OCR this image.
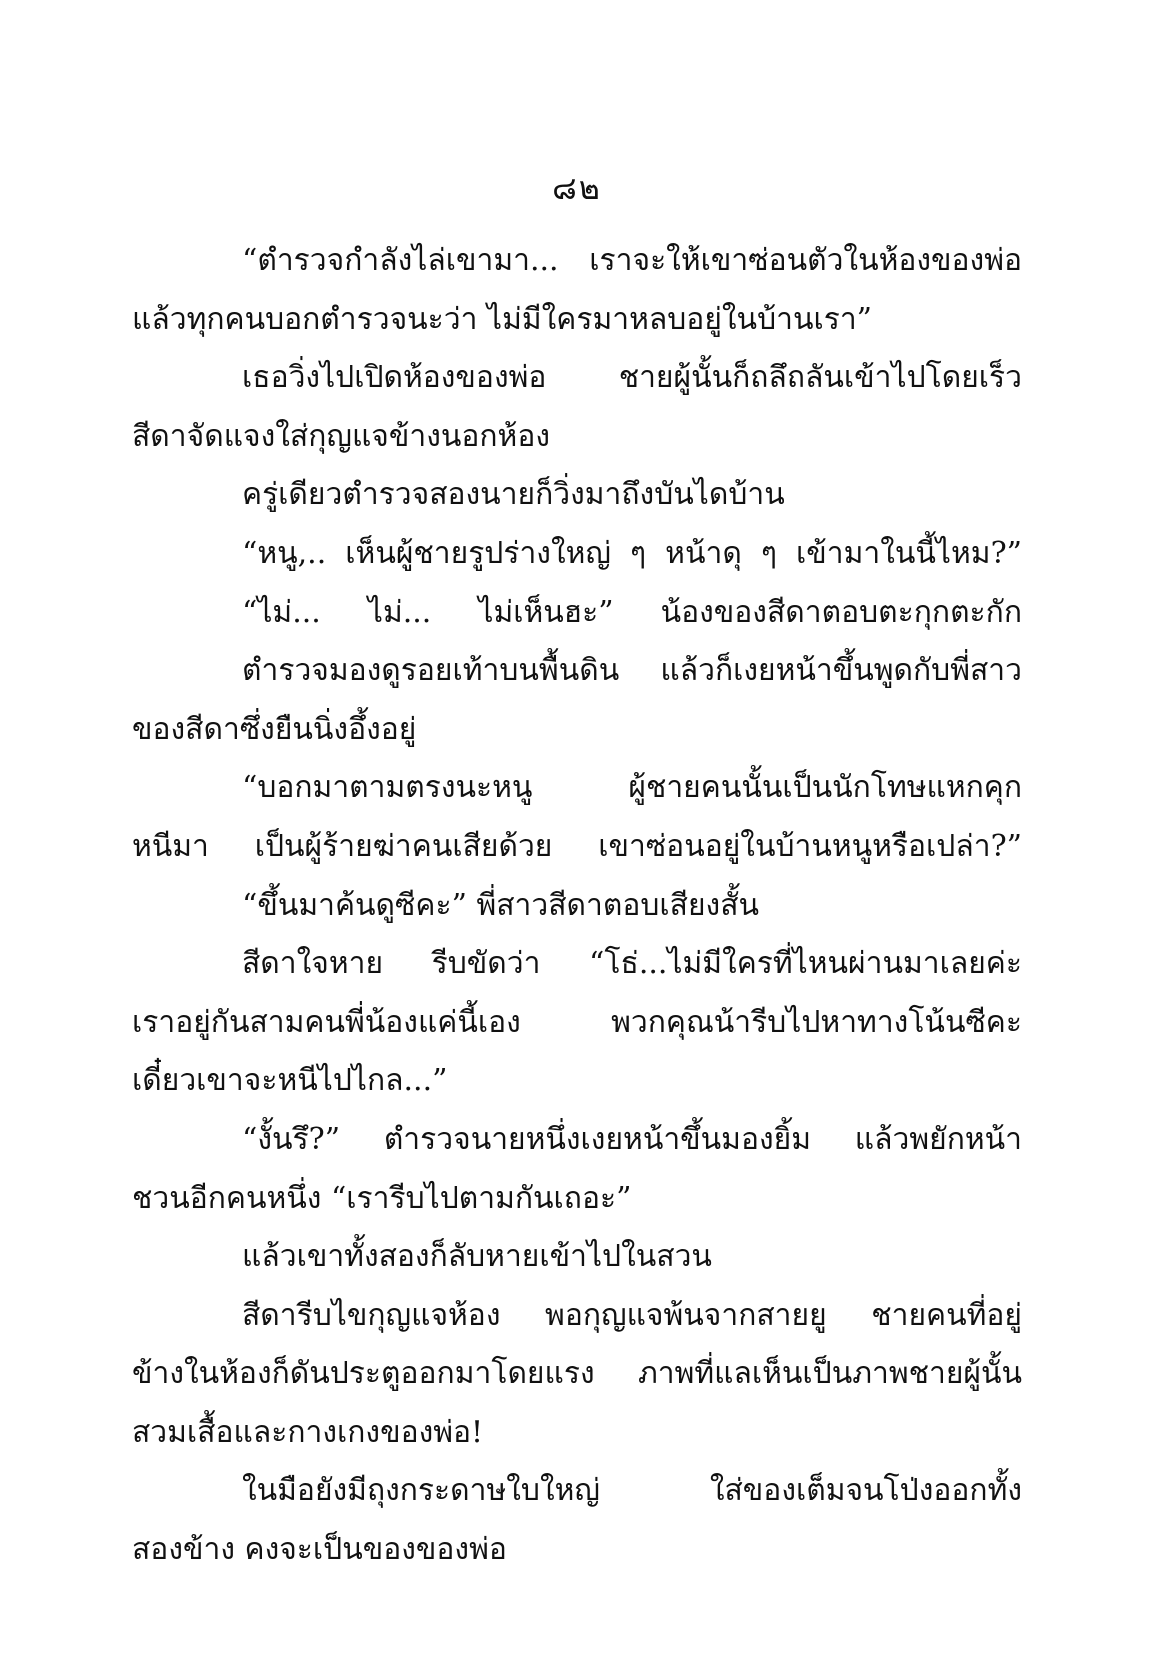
๘๒
“ตำรวจกำลังไล่เขามา... เราจะให้เขาซ่อนตัวในห้องของพ่อ
แล้วทุกคนบอกตำรวจนะว่า ไม่มีใครมาหลบอยู่ในบ้านเรา”
เธอวิ่งไปเปิดห้องของพ่อ ชายผู้นั้นก็ถลึถลันเข้าไปโดยเร็ว
สีดาจัดแจงใส่กุญแจข้างนอกห้อง
ครู่เดียวตำรวจสองนายก็วิ่งมาถึงบันไดบ้าน
“หนู,.. เห็นผู้ชายรูปร่างใหญ่ ๆ หน้าดุ ๆ เข้ามาในนี้ไหม?”
“ไม่... ไม่... ไม่เห็นฮะ” น้องของสีดาตอบตะกุกตะกัก
ตำรวจมองดูรอยเท้าบนพื้นดิน แล้วก็เงยหน้าขึ้นพูดกับพี่สาว
ของสีดาซึ่งยืนนิ่งอึ้งอยู่
“บอกมาตามตรงนะหนู ผู้ชายคนนั้นเป็นนักโทษแหกคุก
หนีมา เป็นผู้ร้ายฆ่าคนเสียด้วย เขาซ่อนอยู่ในบ้านหนูหรือเปล่า?”
“ขึ้นมาค้นดูซีคะ” พี่สาวสีดาตอบเสียงสั้น
สีดาใจหาย รีบขัดว่า “โธ่...ไม่มีใครที่ไหนผ่านมาเลยค่ะ
เราอยู่กันสามคนพี่น้องแค่นี้เอง พวกคุณน้ารีบไปหาทางโน้นซีคะ
เดี๋ยวเขาจะหนีไปไกล...”
“งั้นรึ?” ตำรวจนายหนึ่งเงยหน้าขึ้นมองยิ้ม แล้วพยักหน้า
ชวนอีกคนหนึ่ง “เรารีบไปตามกันเถอะ”
แล้วเขาทั้งสองก็ลับหายเข้าไปในสวน
สีดารีบไขกุญแจห้อง พอกุญแจพ้นจากสายยู ชายคนที่อยู่
ข้างในห้องก็ดันประตูออกมาโดยแรง ภาพที่แลเห็นเป็นภาพชายผู้นั้น
สวมเสื้อและกางเกงของพ่อ!
ในมือยังมีถุงกระดาษใบใหญ่ ใส่ของเต็มจนโป่งออกทั้ง
สองข้าง คงจะเป็นของของพ่อ
